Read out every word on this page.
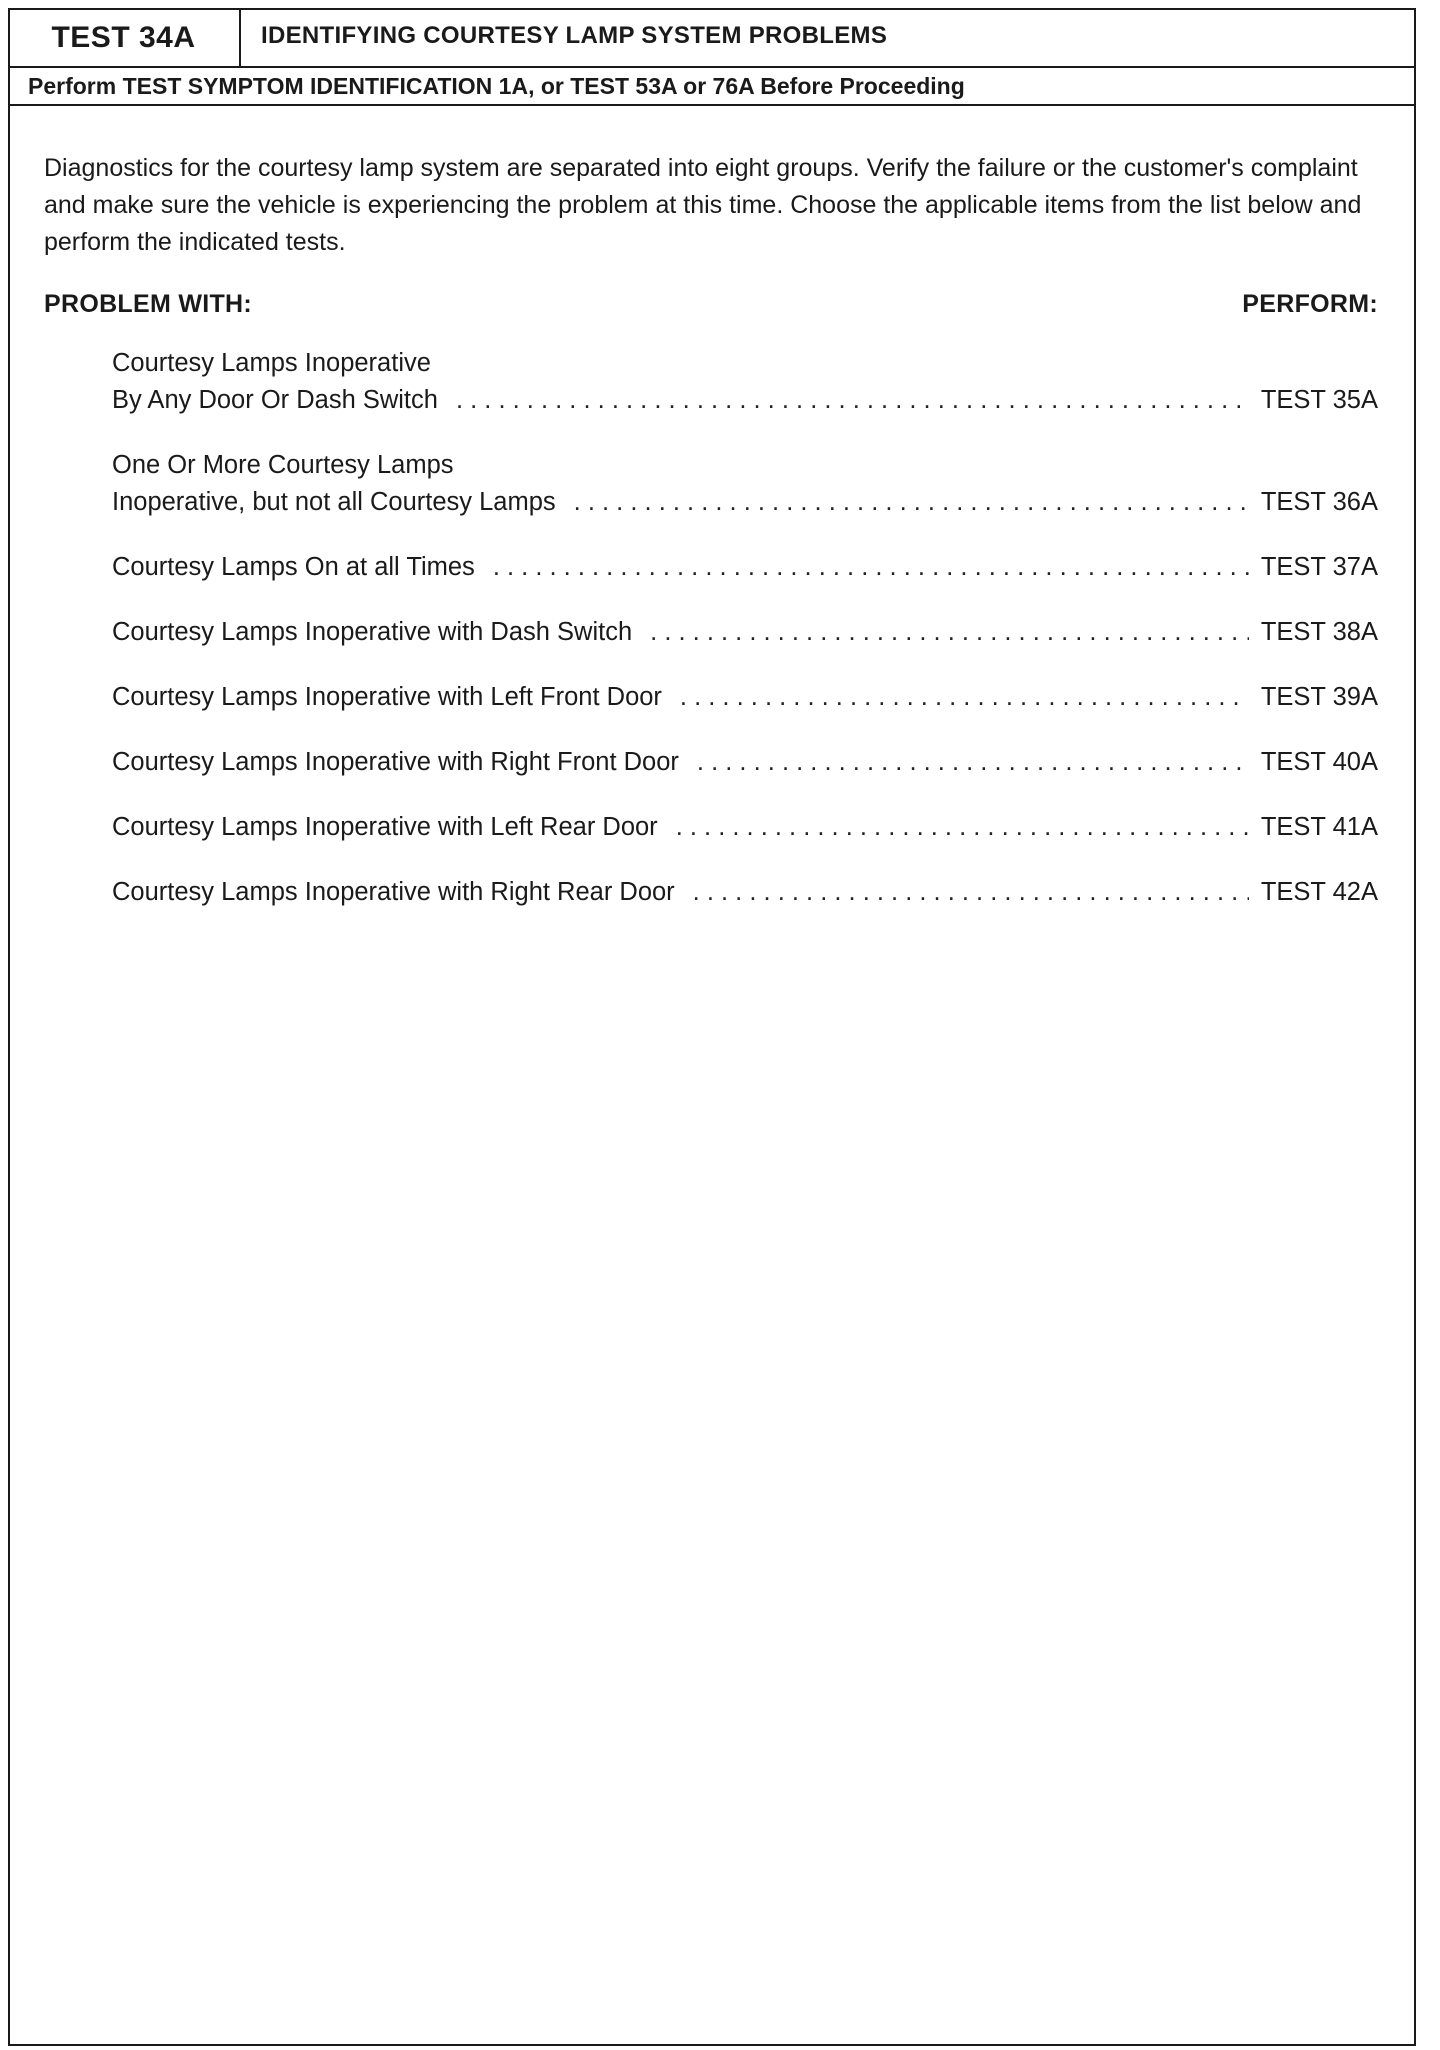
TEST 34A	IDENTIFYING COURTESY LAMP SYSTEM PROBLEMS
Perform TEST SYMPTOM IDENTIFICATION 1A, or TEST 53A or 76A Before Proceeding
Diagnostics for the courtesy lamp system are separated into eight groups. Verify the failure or the customer's complaint and make sure the vehicle is experiencing the problem at this time. Choose the applicable items from the list below and perform the indicated tests.
PROBLEM WITH:	PERFORM:
Courtesy Lamps Inoperative
By Any Door Or Dash Switch . . .	TEST 35A
One Or More Courtesy Lamps
Inoperative, but not all Courtesy Lamps . . .	TEST 36A
Courtesy Lamps On at all Times . . .	TEST 37A
Courtesy Lamps Inoperative with Dash Switch . . .	TEST 38A
Courtesy Lamps Inoperative with Left Front Door . . .	TEST 39A
Courtesy Lamps Inoperative with Right Front Door . . .	TEST 40A
Courtesy Lamps Inoperative with Left Rear Door . . .	TEST 41A
Courtesy Lamps Inoperative with Right Rear Door . . .	TEST 42A
